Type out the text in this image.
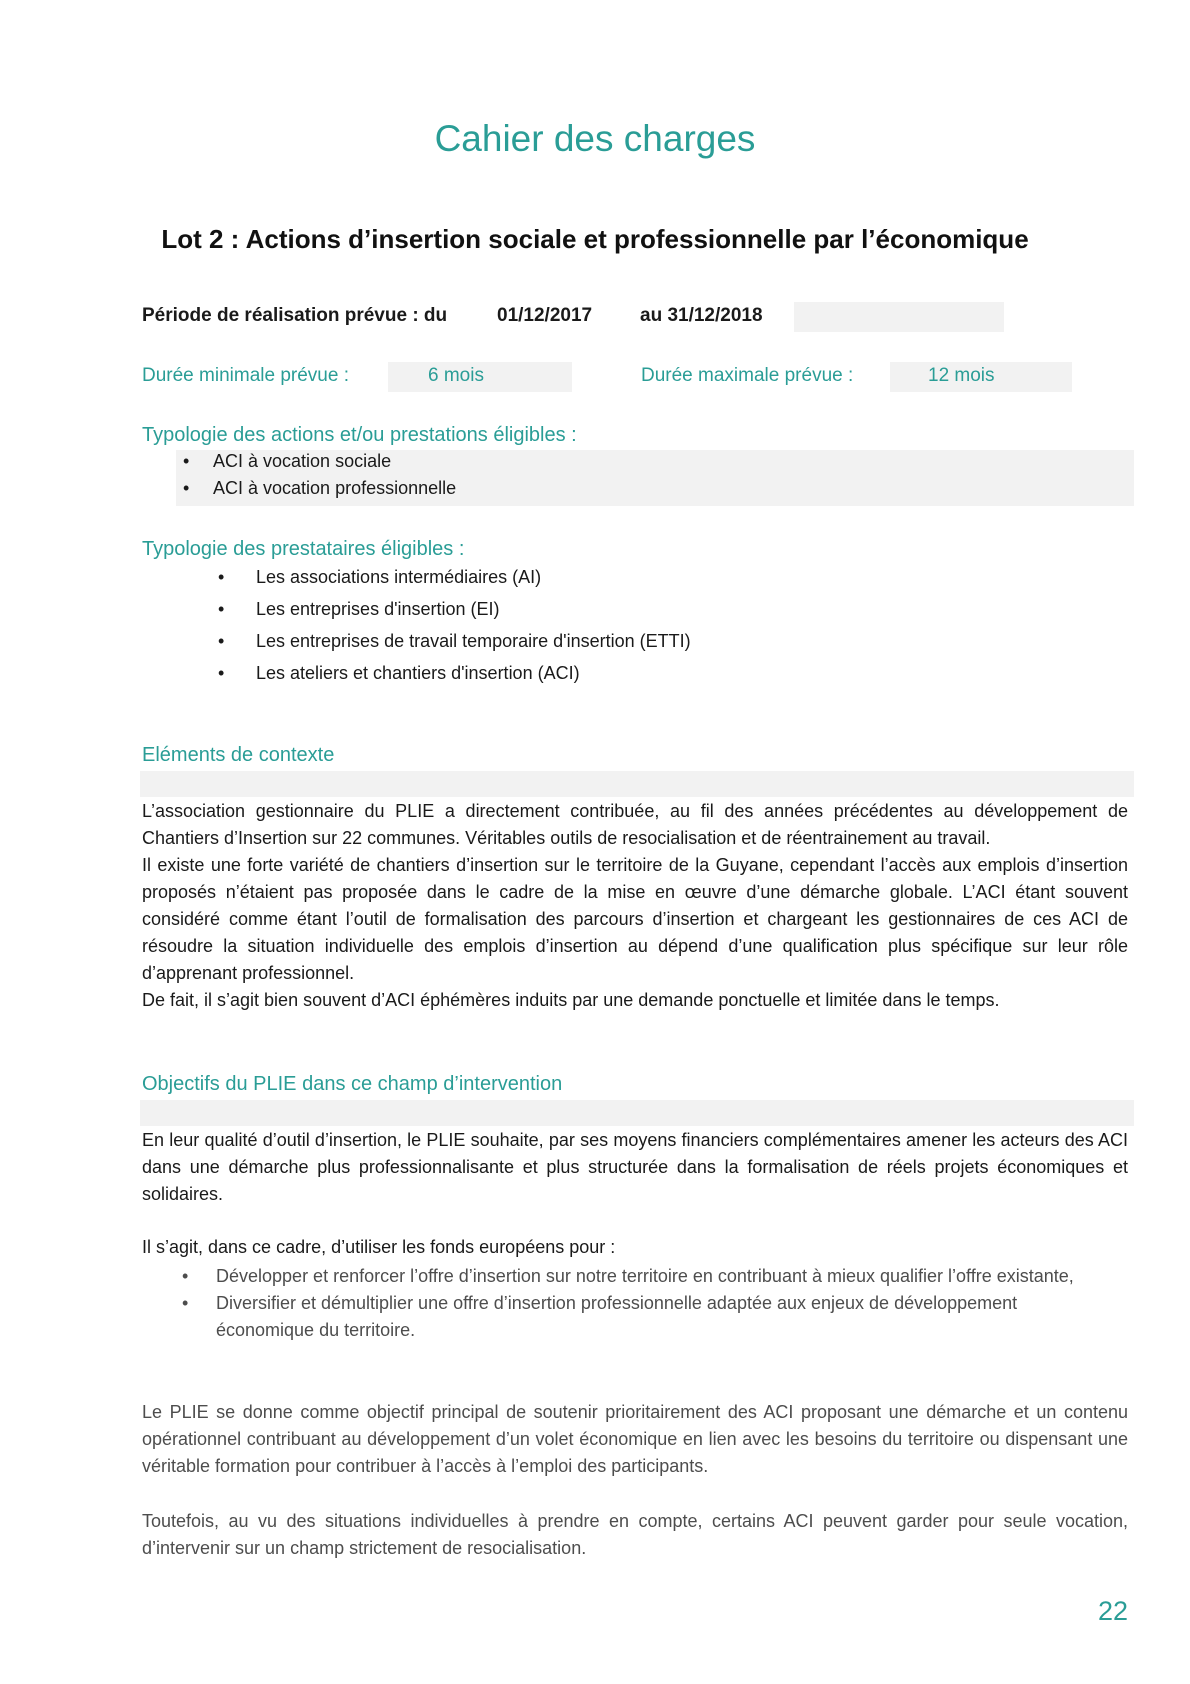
Cahier des charges
Lot 2 : Actions d’insertion sociale et professionnelle par l’économique
Période de réalisation prévue : du	01/12/2017	au 31/12/2018
Durée minimale prévue :	6 mois	Durée maximale prévue :	12 mois
Typologie des actions et/ou prestations éligibles :
• ACI à vocation sociale
• ACI à vocation professionnelle
Typologie des prestataires éligibles :
• Les associations intermédiaires (AI)
• Les entreprises d'insertion (EI)
• Les entreprises de travail temporaire d'insertion (ETTI)
• Les ateliers et chantiers d'insertion (ACI)
Eléments de contexte

L’association gestionnaire du PLIE a directement contribuée, au fil des années précédentes au développement de Chantiers d’Insertion sur 22 communes. Véritables outils de resocialisation et de réentrainement au travail.

Il existe une forte variété de chantiers d’insertion sur le territoire de la Guyane, cependant l’accès aux emplois d’insertion proposés n’étaient pas proposée dans le cadre de la mise en œuvre d’une démarche globale. L’ACI étant souvent considéré comme étant l’outil de formalisation des parcours d’insertion et chargeant les gestionnaires de ces ACI de résoudre la situation individuelle des emplois d’insertion au dépend d’une qualification plus spécifique sur leur rôle d’apprenant professionnel.

De fait, il s’agit bien souvent d’ACI éphémères induits par une demande ponctuelle et limitée dans le temps.

Objectifs du PLIE dans ce champ d’intervention

En leur qualité d’outil d’insertion, le PLIE souhaite, par ses moyens financiers complémentaires amener les acteurs des ACI dans une démarche plus professionnalisante et plus structurée dans la formalisation de réels projets économiques et solidaires.

Il s’agit, dans ce cadre, d’utiliser les fonds européens pour :
• Développer et renforcer l’offre d’insertion sur notre territoire en contribuant à mieux qualifier l’offre existante,
• Diversifier et démultiplier une offre d’insertion professionnelle adaptée aux enjeux de développement économique du territoire.

Le PLIE se donne comme objectif principal de soutenir prioritairement des ACI proposant une démarche et un contenu opérationnel contribuant au développement d’un volet économique en lien avec les besoins du territoire ou dispensant une véritable formation pour contribuer à l’accès à l’emploi des participants.

Toutefois, au vu des situations individuelles à prendre en compte, certains ACI peuvent garder pour seule vocation, d’intervenir sur un champ strictement de resocialisation.

22
